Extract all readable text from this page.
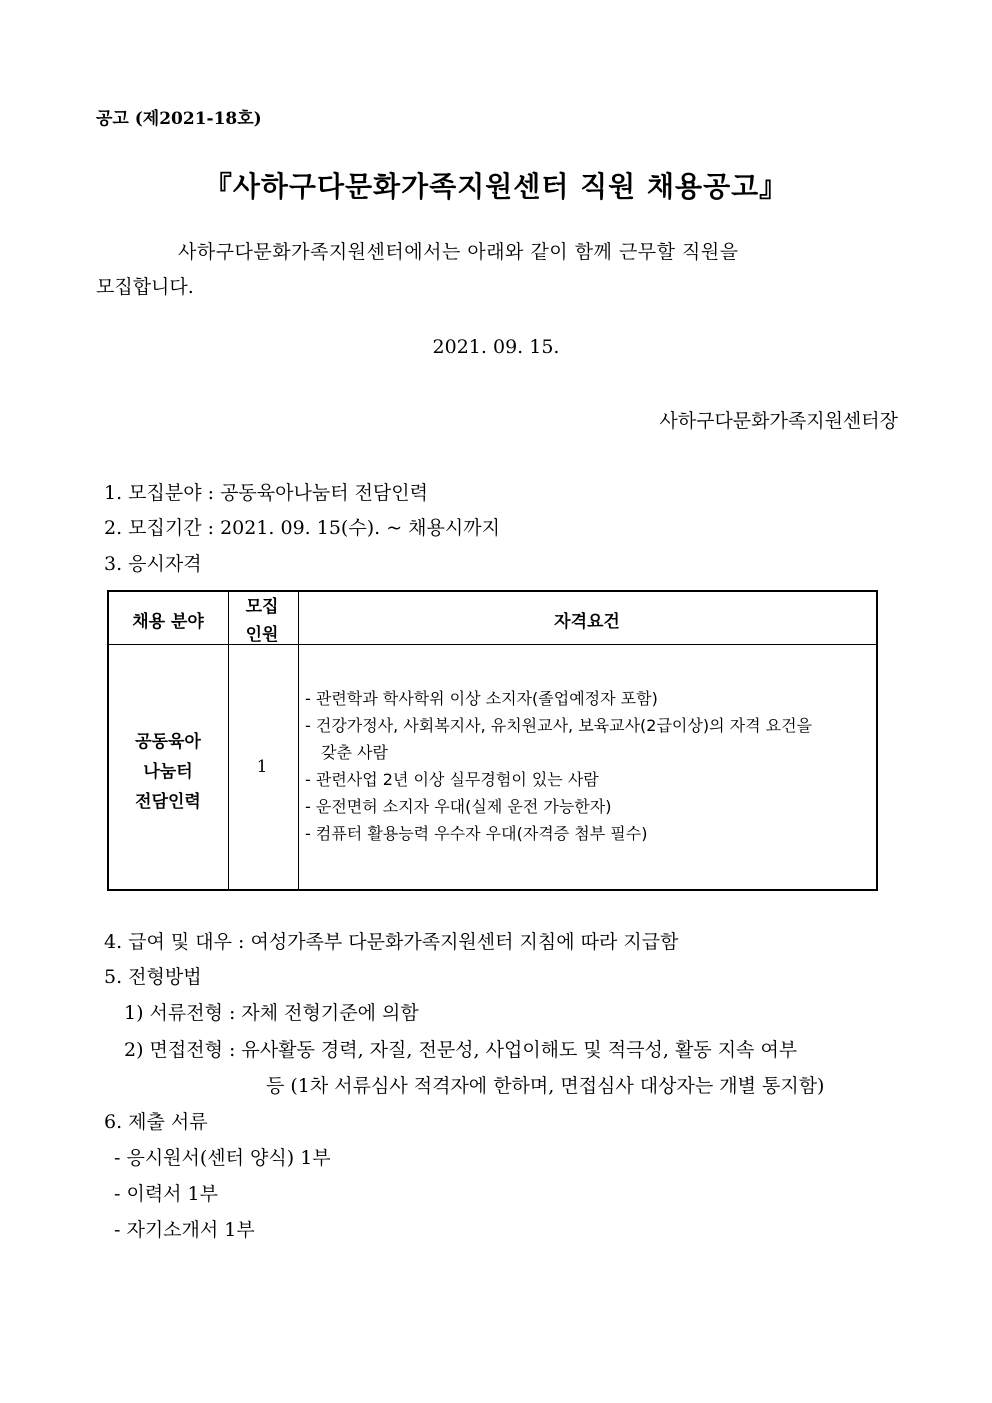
공고 (제2021-18호)
『사하구다문화가족지원센터 직원 채용공고』
사하구다문화가족지원센터에서는 아래와 같이 함께 근무할 직원을
모집합니다.
2021. 09. 15.
사하구다문화가족지원센터장
1. 모집분야 : 공동육아나눔터 전담인력
2. 모집기간 : 2021. 09. 15(수). ~ 채용시까지
3. 응시자격
채용 분야
모집
인원
자격요건
공동육아
나눔터
전담인력
1
- 관련학과 학사학위 이상 소지자(졸업예정자 포함)
- 건강가정사, 사회복지사, 유치원교사, 보육교사(2급이상)의 자격 요건을
갖춘 사람
- 관련사업 2년 이상 실무경험이 있는 사람
- 운전면허 소지자 우대(실제 운전 가능한자)
- 컴퓨터 활용능력 우수자 우대(자격증 첨부 필수)
4. 급여 및 대우 : 여성가족부 다문화가족지원센터 지침에 따라 지급함
5. 전형방법
1) 서류전형 : 자체 전형기준에 의함
2) 면접전형 : 유사활동 경력, 자질, 전문성, 사업이해도 및 적극성, 활동 지속 여부
등 (1차 서류심사 적격자에 한하며, 면접심사 대상자는 개별 통지함)
6. 제출 서류
- 응시원서(센터 양식) 1부
- 이력서 1부
- 자기소개서 1부
